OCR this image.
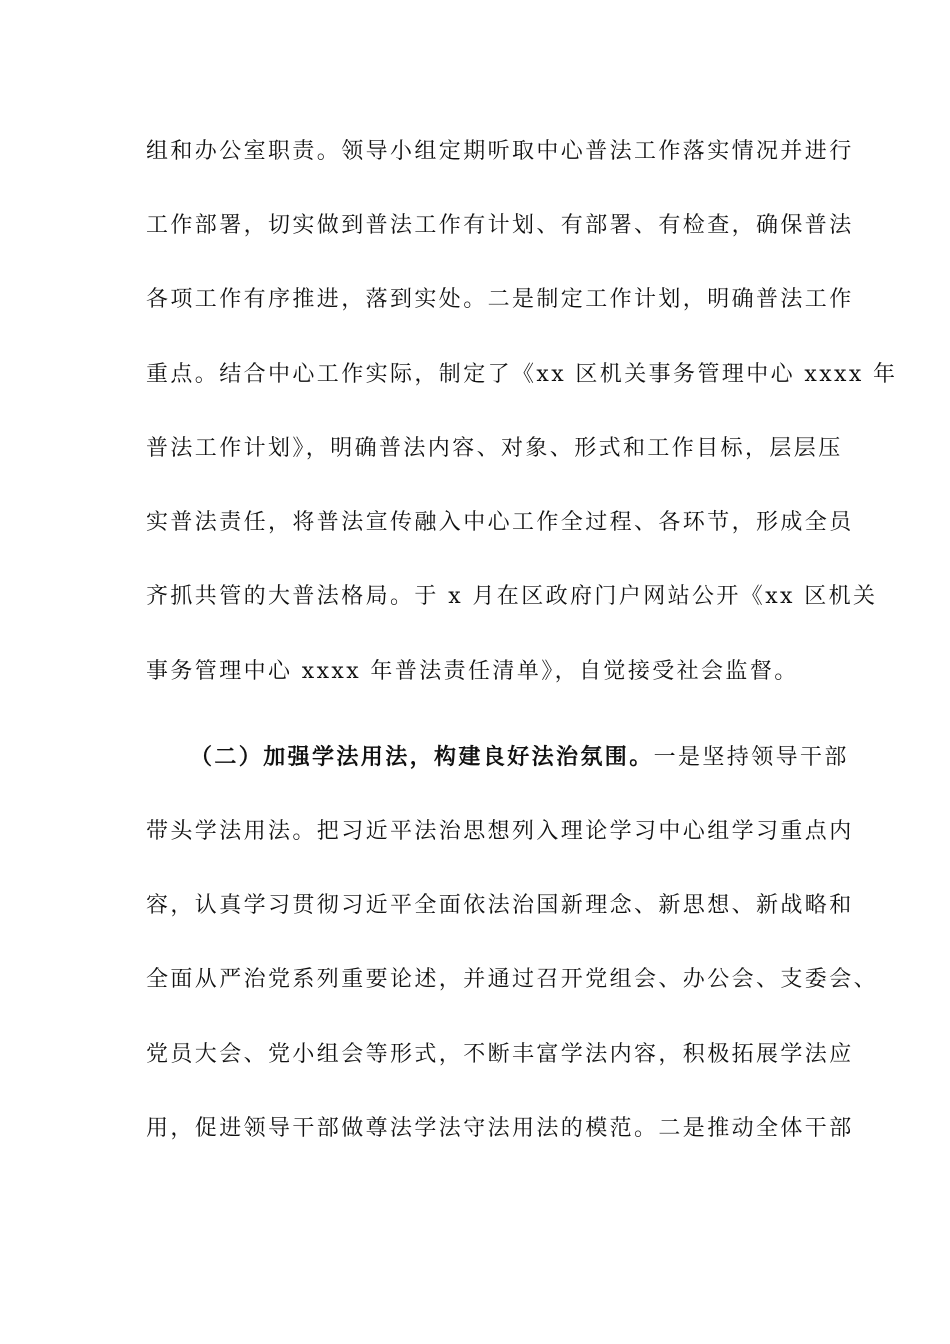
组和办公室职责。领导小组定期听取中心普法工作落实情况并进行
工作部署，切实做到普法工作有计划、有部署、有检查，确保普法
各项工作有序推进，落到实处。二是制定工作计划，明确普法工作
重点。结合中心工作实际，制定了《xx 区机关事务管理中心 xxxx 年
普法工作计划》，明确普法内容、对象、形式和工作目标，层层压
实普法责任，将普法宣传融入中心工作全过程、各环节，形成全员
齐抓共管的大普法格局。于 x 月在区政府门户网站公开《xx 区机关
事务管理中心 xxxx 年普法责任清单》，自觉接受社会监督。
（二）加强学法用法，构建良好法治氛围。一是坚持领导干部
带头学法用法。把习近平法治思想列入理论学习中心组学习重点内
容，认真学习贯彻习近平全面依法治国新理念、新思想、新战略和
全面从严治党系列重要论述，并通过召开党组会、办公会、支委会、
党员大会、党小组会等形式，不断丰富学法内容，积极拓展学法应
用，促进领导干部做尊法学法守法用法的模范。二是推动全体干部
